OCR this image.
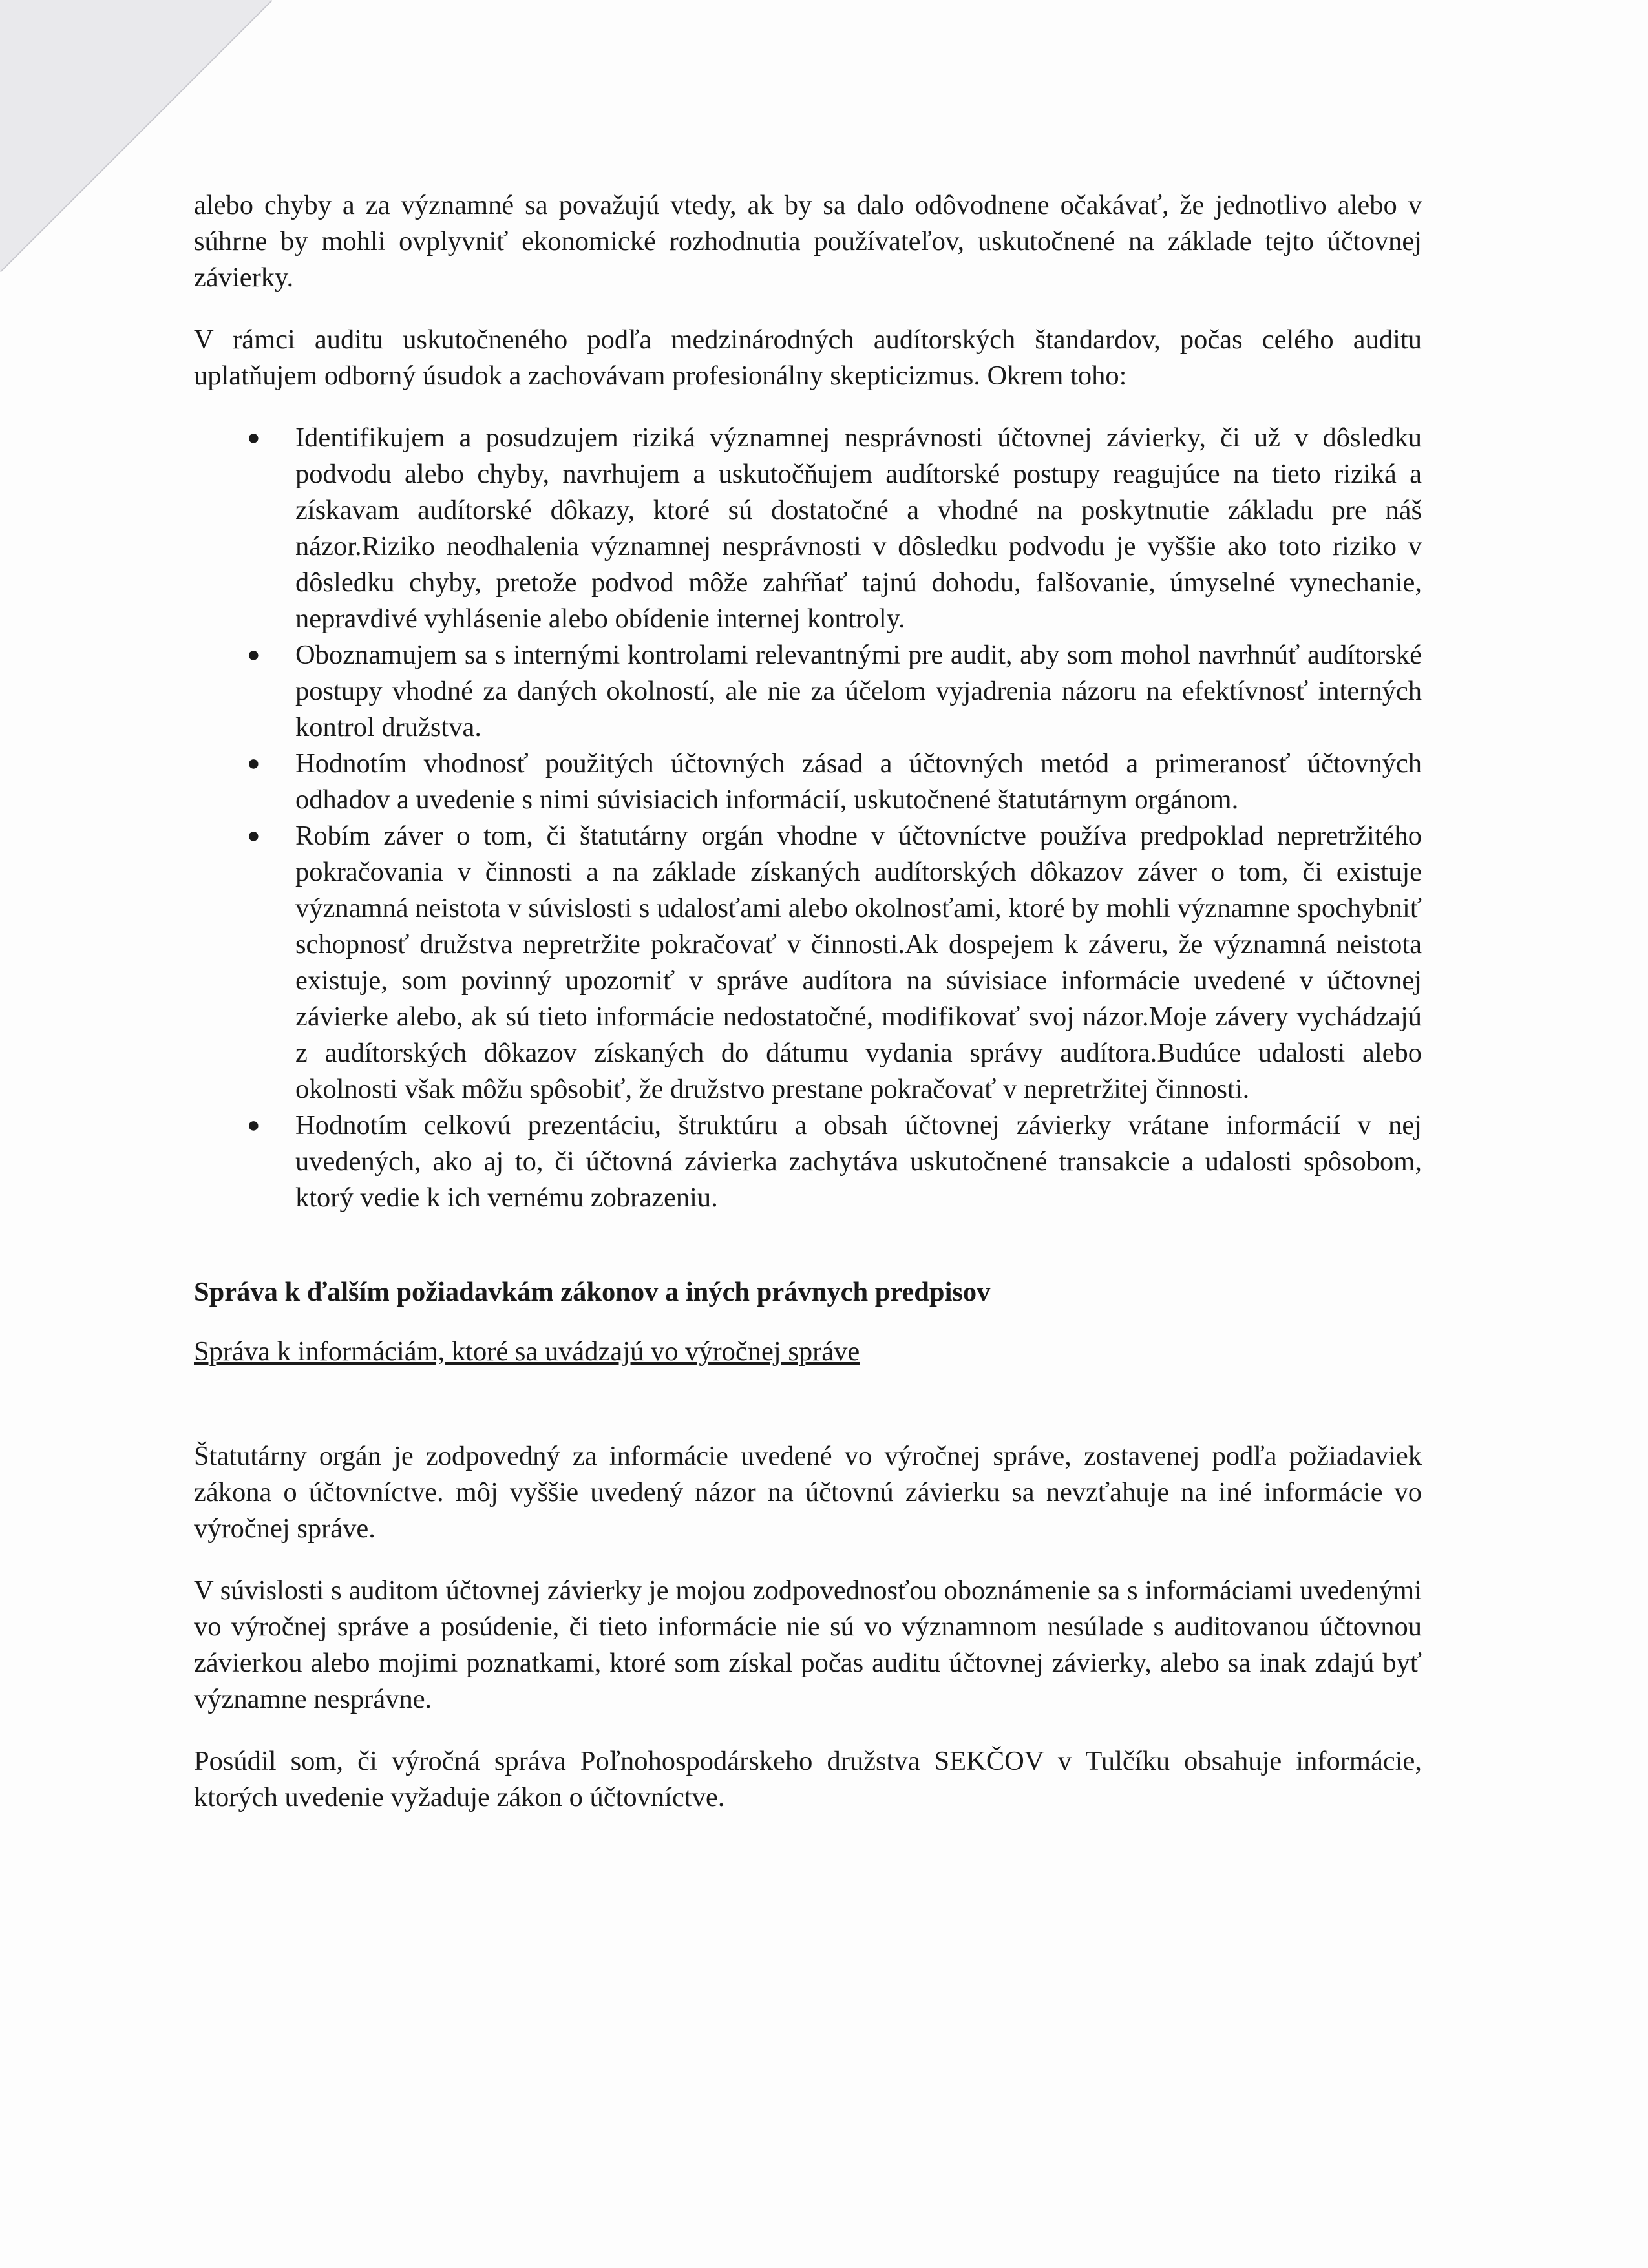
alebo chyby a za významné sa považujú vtedy, ak by sa dalo odôvodnene očakávať, že jednotlivo alebo v súhrne by mohli ovplyvniť ekonomické rozhodnutia používateľov, uskutočnené na základe tejto účtovnej závierky.

V rámci auditu uskutočneného podľa medzinárodných audítorských štandardov, počas celého auditu uplatňujem odborný úsudok a zachovávam profesionálny skepticizmus. Okrem toho:

● Identifikujem a posudzujem riziká významnej nesprávnosti účtovnej závierky, či už v dôsledku podvodu alebo chyby, navrhujem a uskutočňujem audítorské postupy reagujúce na tieto riziká a získavam audítorské dôkazy, ktoré sú dostatočné a vhodné na poskytnutie základu pre náš názor.Riziko neodhalenia významnej nesprávnosti v dôsledku podvodu je vyššie ako toto riziko v dôsledku chyby, pretože podvod môže zahŕňať tajnú dohodu, falšovanie, úmyselné vynechanie, nepravdivé vyhlásenie alebo obídenie internej kontroly.
● Oboznamujem sa s internými kontrolami relevantnými pre audit, aby som mohol navrhnúť audítorské postupy vhodné za daných okolností, ale nie za účelom vyjadrenia názoru na efektívnosť interných kontrol družstva.
● Hodnotím vhodnosť použitých účtovných zásad a účtovných metód a primeranosť účtovných odhadov a uvedenie s nimi súvisiacich informácií, uskutočnené štatutárnym orgánom.
● Robím záver o tom, či štatutárny orgán vhodne v účtovníctve používa predpoklad nepretržitého pokračovania v činnosti a na základe získaných audítorských dôkazov záver o tom, či existuje významná neistota v súvislosti s udalosťami alebo okolnosťami, ktoré by mohli významne spochybniť schopnosť družstva nepretržite pokračovať v činnosti.Ak dospejem k záveru, že významná neistota existuje, som povinný upozorniť v správe audítora na súvisiace informácie uvedené v účtovnej závierke alebo, ak sú tieto informácie nedostatočné, modifikovať svoj názor.Moje závery vychádzajú z audítorských dôkazov získaných do dátumu vydania správy audítora.Budúce udalosti alebo okolnosti však môžu spôsobiť, že družstvo prestane pokračovať v nepretržitej činnosti.
● Hodnotím celkovú prezentáciu, štruktúru a obsah účtovnej závierky vrátane informácií v nej uvedených, ako aj to, či účtovná závierka zachytáva uskutočnené transakcie a udalosti spôsobom, ktorý vedie k ich vernému zobrazeniu.

Správa k ďalším požiadavkám zákonov a iných právnych predpisov

Správa k informáciám, ktoré sa uvádzajú vo výročnej správe

Štatutárny orgán je zodpovedný za informácie uvedené vo výročnej správe, zostavenej podľa požiadaviek zákona o účtovníctve. môj vyššie uvedený názor na účtovnú závierku sa nevzťahuje na iné informácie vo výročnej správe.

V súvislosti s auditom účtovnej závierky je mojou zodpovednosťou oboznámenie sa s informáciami uvedenými vo výročnej správe a posúdenie, či tieto informácie nie sú vo významnom nesúlade s auditovanou účtovnou závierkou alebo mojimi poznatkami, ktoré som získal počas auditu účtovnej závierky, alebo sa inak zdajú byť významne nesprávne.

Posúdil som, či výročná správa Poľnohospodárskeho družstva SEKČOV v Tulčíku obsahuje informácie, ktorých uvedenie vyžaduje zákon o účtovníctve.
